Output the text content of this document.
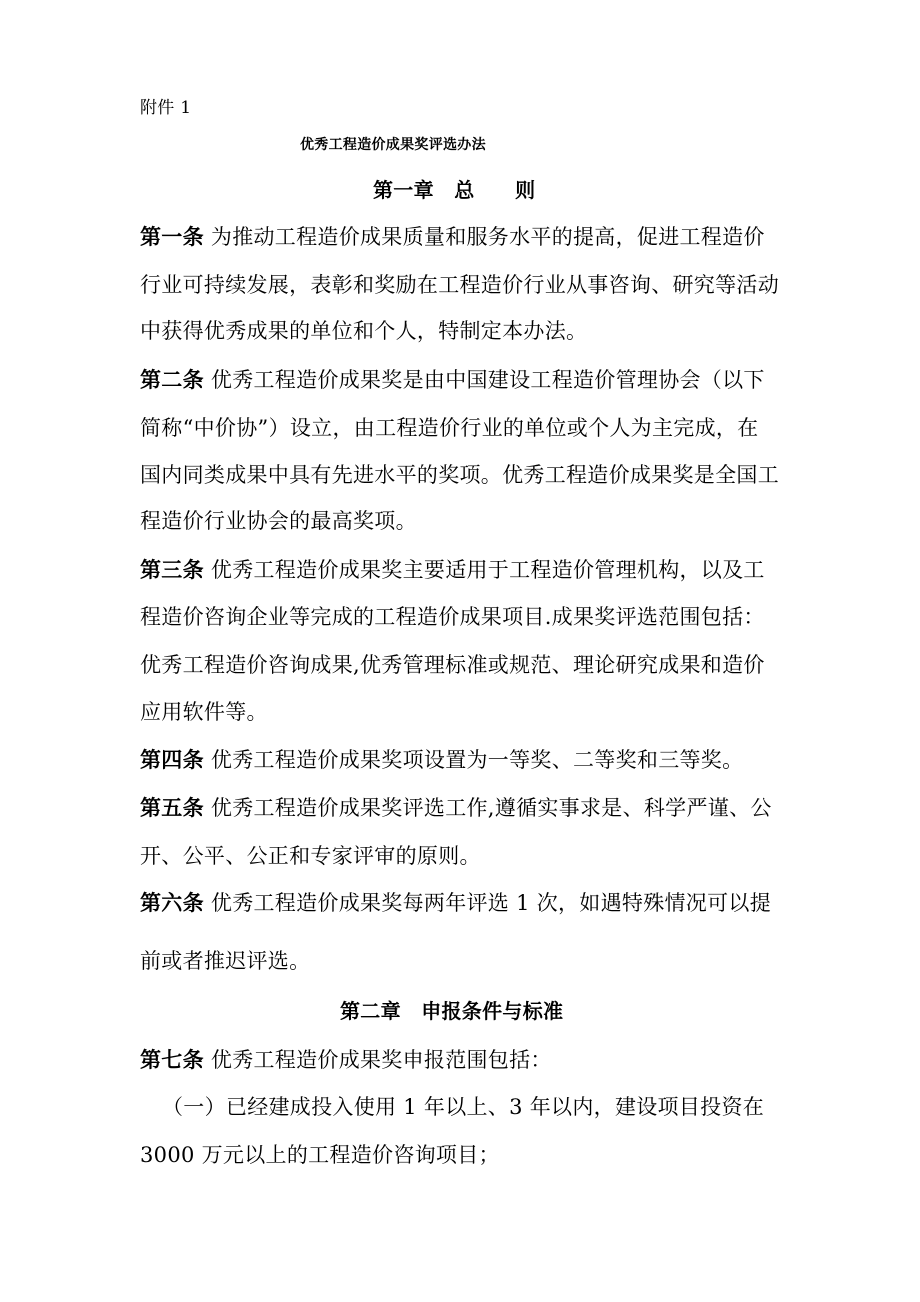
附件 1
优秀工程造价成果奖评选办法
第一章　总　　则
第一条 为推动工程造价成果质量和服务水平的提高，促进工程造价
行业可持续发展，表彰和奖励在工程造价行业从事咨询、研究等活动
中获得优秀成果的单位和个人，特制定本办法。
第二条 优秀工程造价成果奖是由中国建设工程造价管理协会（以下
简称“中价协”）设立，由工程造价行业的单位或个人为主完成，在
国内同类成果中具有先进水平的奖项。优秀工程造价成果奖是全国工
程造价行业协会的最高奖项。
第三条 优秀工程造价成果奖主要适用于工程造价管理机构，以及工
程造价咨询企业等完成的工程造价成果项目.成果奖评选范围包括：
优秀工程造价咨询成果,优秀管理标准或规范、理论研究成果和造价
应用软件等。
第四条 优秀工程造价成果奖项设置为一等奖、二等奖和三等奖。
第五条 优秀工程造价成果奖评选工作,遵循实事求是、科学严谨、公
开、公平、公正和专家评审的原则。
第六条 优秀工程造价成果奖每两年评选 1 次，如遇特殊情况可以提
前或者推迟评选。
第二章　申报条件与标准
第七条 优秀工程造价成果奖申报范围包括：
（一）已经建成投入使用 1 年以上、3 年以内，建设项目投资在
3000 万元以上的工程造价咨询项目；
